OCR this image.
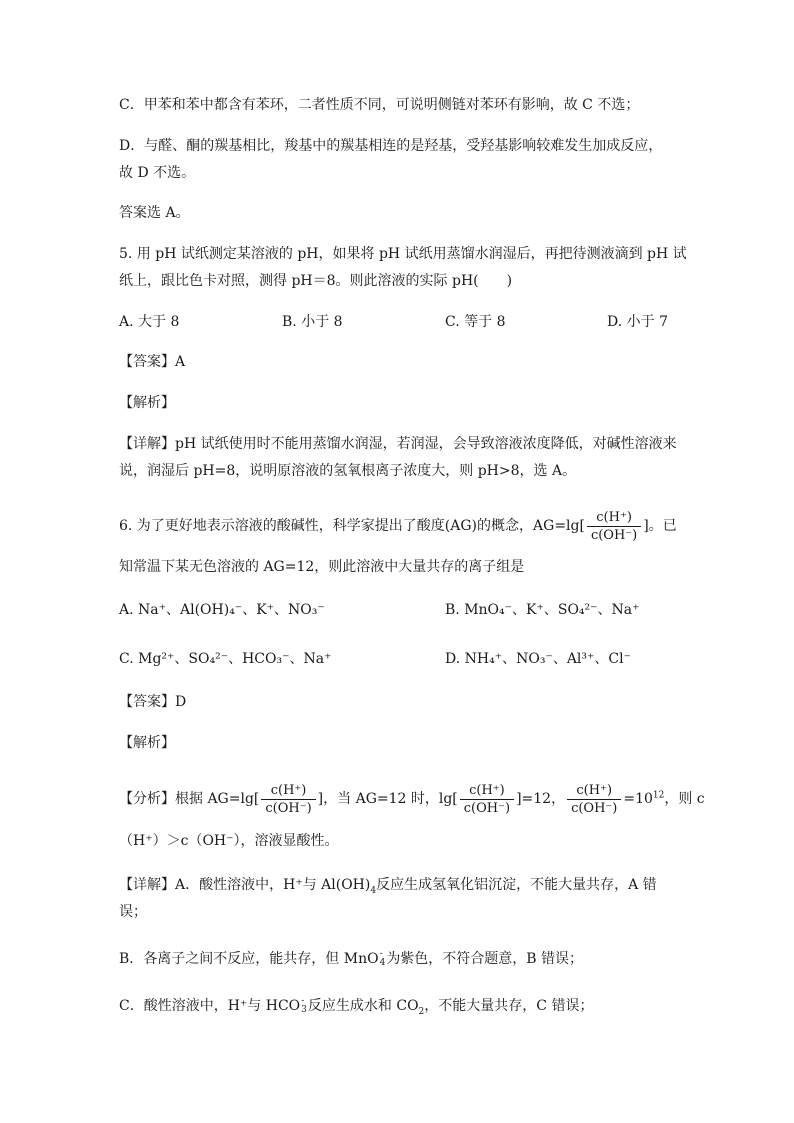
C．甲苯和苯中都含有苯环，二者性质不同，可说明侧链对苯环有影响，故 C 不选；
D．与醛、酮的羰基相比，羧基中的羰基相连的是羟基，受羟基影响较难发生加成反应，
故 D 不选。
答案选 A。
5. 用 pH 试纸测定某溶液的 pH，如果将 pH 试纸用蒸馏水润湿后，再把待测液滴到 pH 试
纸上，跟比色卡对照，测得 pH＝8。则此溶液的实际 pH(　　)
A. 大于 8	B. 小于 8	C. 等于 8	D. 小于 7
【答案】A
【解析】
【详解】pH 试纸使用时不能用蒸馏水润湿，若润湿，会导致溶液浓度降低，对碱性溶液来
说，润湿后 pH=8，说明原溶液的氢氧根离子浓度大，则 pH>8，选 A。
6. 为了更好地表示溶液的酸碱性，科学家提出了酸度(AG)的概念，$AG=\lg[ \frac{c(H^+)}{c(OH^-)}$ ]。已
知常温下某无色溶液的 AG=12，则此溶液中大量共存的离子组是
A. Na⁺、Al(OH)₄⁻、K⁺、NO₃⁻	B. MnO₄⁻、K⁺、SO₄²⁻、Na⁺
C. Mg²⁺、SO₄²⁻、HCO₃⁻、Na⁺	D. NH₄⁺、NO₃⁻、Al³⁺、Cl⁻
【答案】D
【解析】
【分析】根据 $AG=\lg[ \frac{c(H^+)}{c(OH^-)}$ ]，当 AG=12 时，$\lg[ \frac{c(H^+)}{c(OH^-)} ]=12$， $\frac{c(H^+)}{c(OH^-)} =10^{12}$，则 c
（H⁺）＞c（OH⁻），溶液显酸性。
【详解】A．酸性溶液中，H⁺与 $Al(OH)_4$反应生成氢氧化铝沉淀，不能大量共存，A 错
误；
B．各离子之间不反应，能共存，但 MnO -
4 为紫色，不符合题意，B 错误；
C．酸性溶液中，H⁺与 HCO -
3 反应生成水和 $CO_2$，不能大量共存，C 错误；
